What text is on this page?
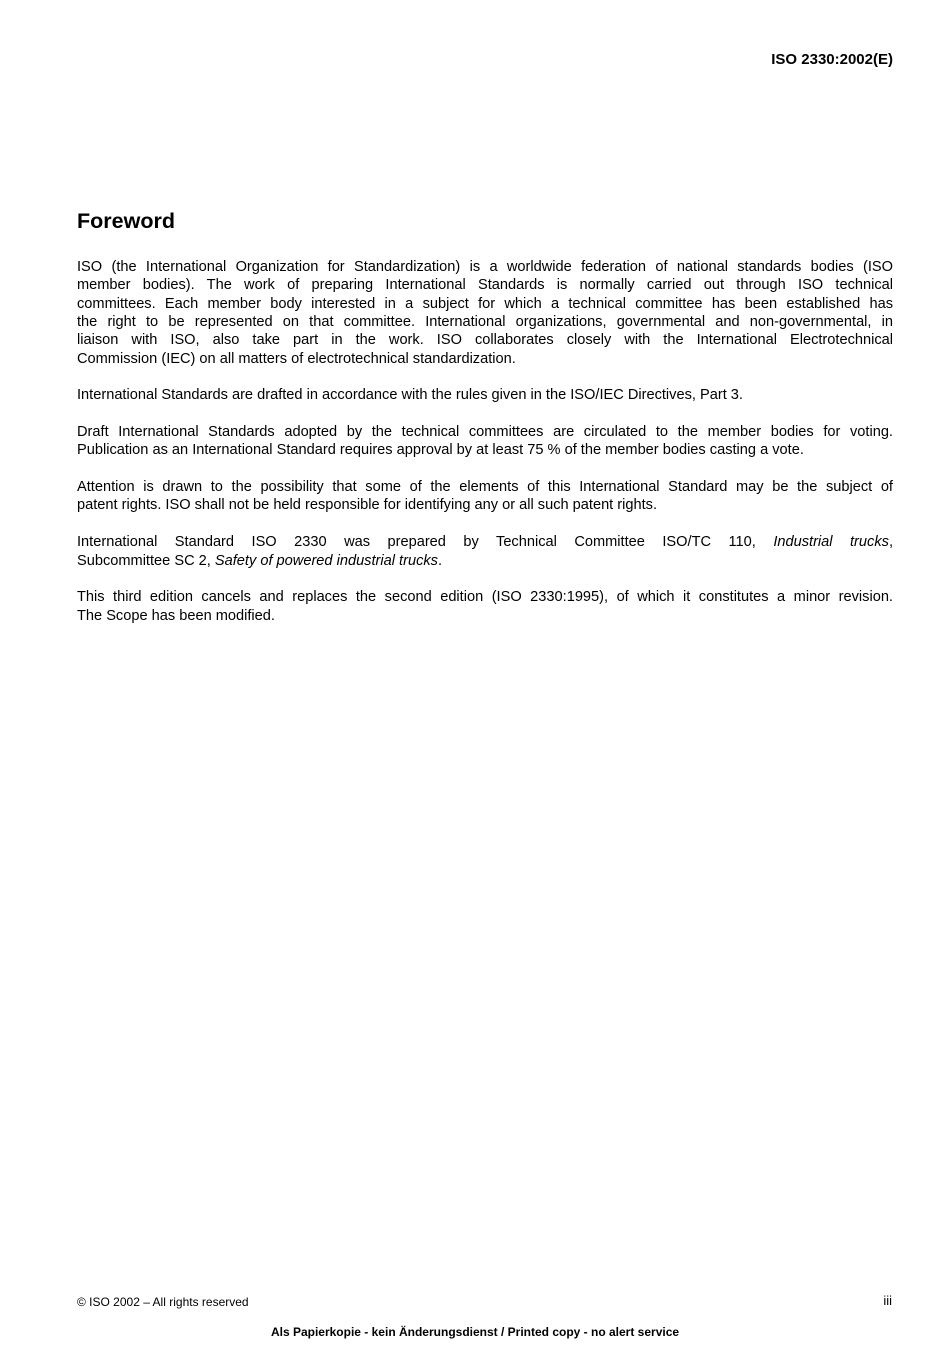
ISO 2330:2002(E)
Foreword
ISO (the International Organization for Standardization) is a worldwide federation of national standards bodies (ISO
member bodies). The work of preparing International Standards is normally carried out through ISO technical
committees. Each member body interested in a subject for which a technical committee has been established has
the right to be represented on that committee. International organizations, governmental and non-governmental, in
liaison with ISO, also take part in the work. ISO collaborates closely with the International Electrotechnical
Commission (IEC) on all matters of electrotechnical standardization.
International Standards are drafted in accordance with the rules given in the ISO/IEC Directives, Part 3.
Draft International Standards adopted by the technical committees are circulated to the member bodies for voting.
Publication as an International Standard requires approval by at least 75 % of the member bodies casting a vote.
Attention is drawn to the possibility that some of the elements of this International Standard may be the subject of
patent rights. ISO shall not be held responsible for identifying any or all such patent rights.
International Standard ISO 2330 was prepared by Technical Committee ISO/TC 110, Industrial trucks,
Subcommittee SC 2, Safety of powered industrial trucks.
This third edition cancels and replaces the second edition (ISO 2330:1995), of which it constitutes a minor revision.
The Scope has been modified.
© ISO 2002 – All rights reserved	iii
Als Papierkopie - kein Änderungsdienst / Printed copy - no alert service
